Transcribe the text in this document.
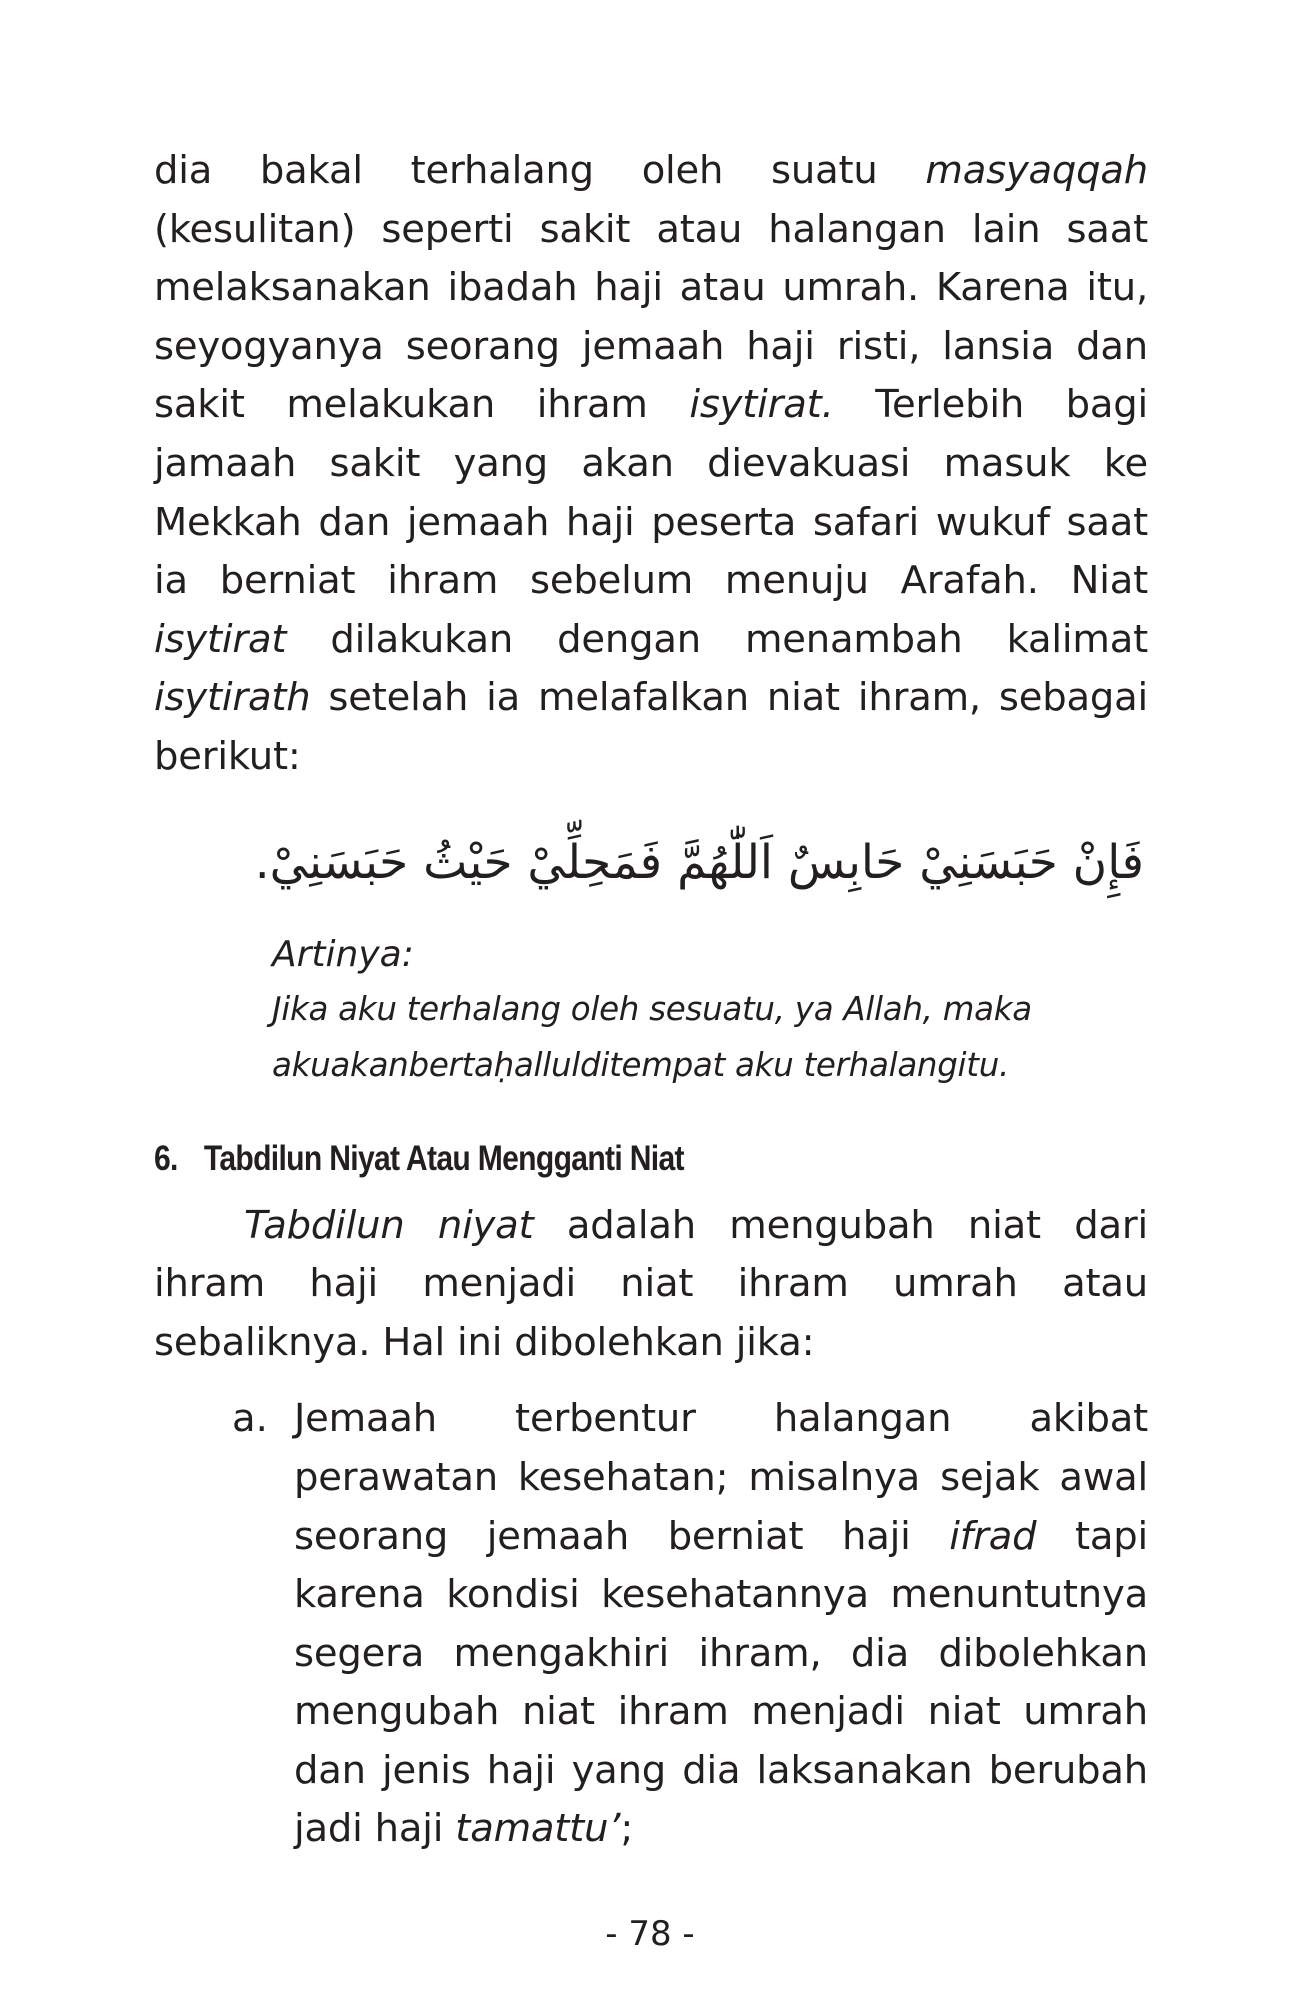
dia bakal terhalang oleh suatu masyaqqah (kesulitan) seperti sakit atau halangan lain saat melaksanakan ibadah haji atau umrah. Karena itu, seyogyanya seorang jemaah haji risti, lansia dan sakit melakukan ihram isytirat. Terlebih bagi jamaah sakit yang akan dievakuasi masuk ke Mekkah dan jemaah haji peserta safari wukuf saat ia berniat ihram sebelum menuju Arafah. Niat isytirat dilakukan dengan menambah kalimat isytirath setelah ia melafalkan niat ihram, sebagai berikut:

فَإِنْ حَبَسَنِيْ حَابِسٌ اَللّٰهُمَّ فَمَحِلِّيْ حَيْثُ حَبَسَنِيْ.

Artinya:

Jika aku terhalang oleh sesuatu, ya Allah, maka

akuakanbertaḥallulditempat aku terhalangitu.

6. Tabdilun Niyat Atau Mengganti Niat

Tabdilun niyat adalah mengubah niat dari ihram haji menjadi niat ihram umrah atau sebaliknya. Hal ini dibolehkan jika:

a. Jemaah terbentur halangan akibat perawatan kesehatan; misalnya sejak awal seorang jemaah berniat haji ifrad tapi karena kondisi kesehatannya menuntutnya segera mengakhiri ihram, dia dibolehkan mengubah niat ihram menjadi niat umrah dan jenis haji yang dia laksanakan berubah jadi haji tamattu’;

- 78 -
